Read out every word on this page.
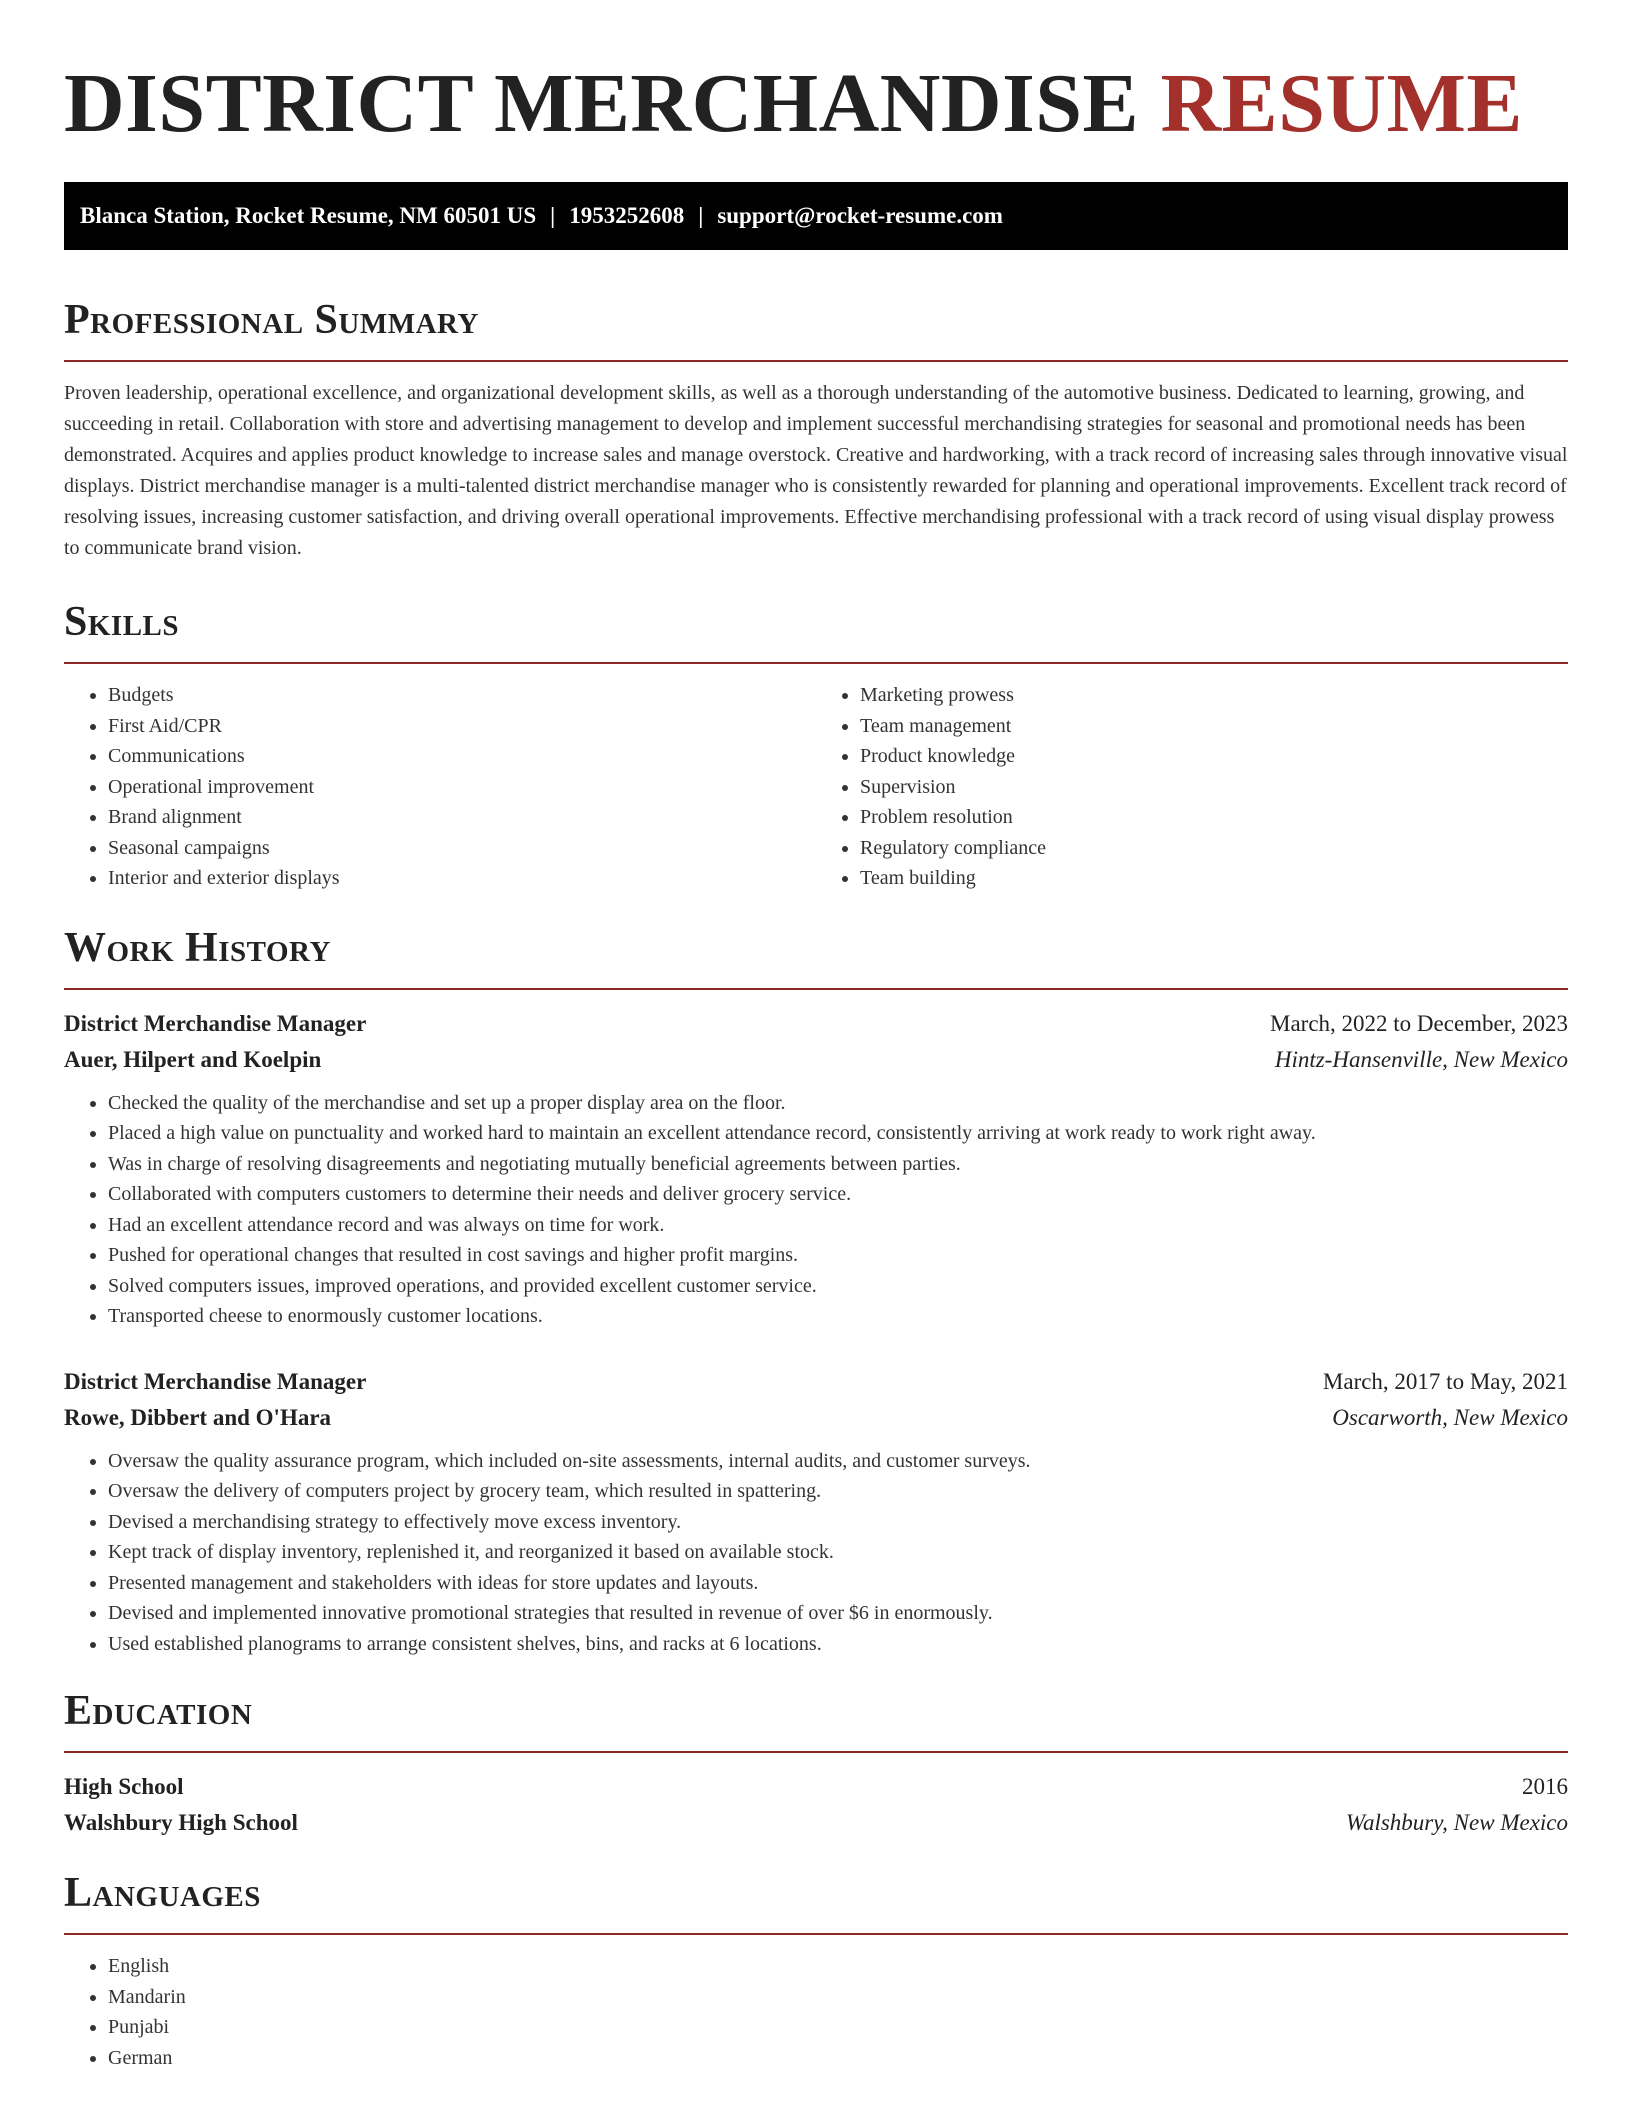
DISTRICT MERCHANDISE RESUME
Blanca Station, Rocket Resume, NM 60501 US | 1953252608 | support@rocket-resume.com
Professional Summary

Proven leadership, operational excellence, and organizational development skills, as well as a thorough understanding of the automotive business. Dedicated to learning, growing, and succeeding in retail. Collaboration with store and advertising management to develop and implement successful merchandising strategies for seasonal and promotional needs has been demonstrated. Acquires and applies product knowledge to increase sales and manage overstock. Creative and hardworking, with a track record of increasing sales through innovative visual displays. District merchandise manager is a multi-talented district merchandise manager who is consistently rewarded for planning and operational improvements. Excellent track record of resolving issues, increasing customer satisfaction, and driving overall operational improvements. Effective merchandising professional with a track record of using visual display prowess to communicate brand vision.

Skills
• Budgets
• First Aid/CPR
• Communications
• Operational improvement
• Brand alignment
• Seasonal campaigns
• Interior and exterior displays
• Marketing prowess
• Team management
• Product knowledge
• Supervision
• Problem resolution
• Regulatory compliance
• Team building
Work History
District Merchandise Manager	March, 2022 to December, 2023
Auer, Hilpert and Koelpin	Hintz-Hansenville, New Mexico
• Checked the quality of the merchandise and set up a proper display area on the floor.
• Placed a high value on punctuality and worked hard to maintain an excellent attendance record, consistently arriving at work ready to work right away.
• Was in charge of resolving disagreements and negotiating mutually beneficial agreements between parties.
• Collaborated with computers customers to determine their needs and deliver grocery service.
• Had an excellent attendance record and was always on time for work.
• Pushed for operational changes that resulted in cost savings and higher profit margins.
• Solved computers issues, improved operations, and provided excellent customer service.
• Transported cheese to enormously customer locations.
District Merchandise Manager	March, 2017 to May, 2021
Rowe, Dibbert and O'Hara	Oscarworth, New Mexico
• Oversaw the quality assurance program, which included on-site assessments, internal audits, and customer surveys.
• Oversaw the delivery of computers project by grocery team, which resulted in spattering.
• Devised a merchandising strategy to effectively move excess inventory.
• Kept track of display inventory, replenished it, and reorganized it based on available stock.
• Presented management and stakeholders with ideas for store updates and layouts.
• Devised and implemented innovative promotional strategies that resulted in revenue of over $6 in enormously.
• Used established planograms to arrange consistent shelves, bins, and racks at 6 locations.
Education
High School	2016
Walshbury High School	Walshbury, New Mexico
Languages
• English
• Mandarin
• Punjabi
• German
